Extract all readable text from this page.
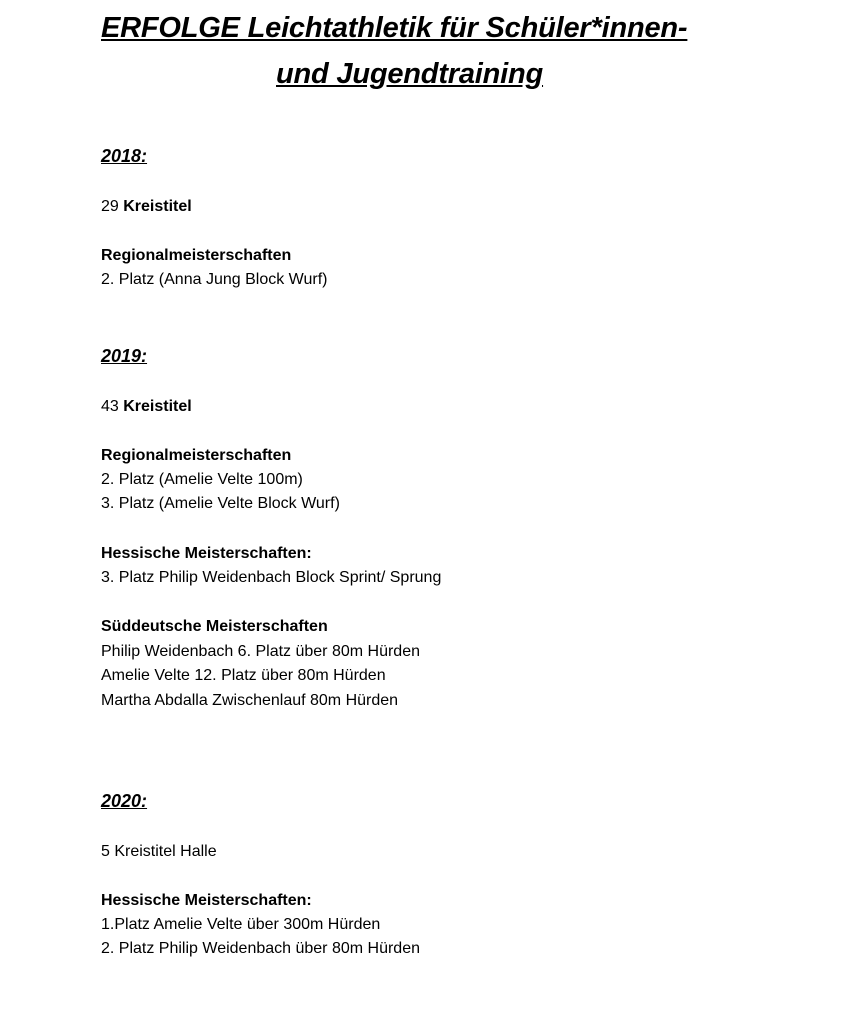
ERFOLGE Leichtathletik für Schüler*innen-
und Jugendtraining
2018:
29 Kreistitel
Regionalmeisterschaften
2. Platz (Anna Jung Block Wurf)
2019:
43 Kreistitel
Regionalmeisterschaften
2. Platz (Amelie Velte 100m)
3. Platz (Amelie Velte Block Wurf)
Hessische Meisterschaften:
3. Platz Philip Weidenbach Block Sprint/ Sprung
Süddeutsche Meisterschaften
Philip Weidenbach 6. Platz über 80m Hürden
Amelie Velte 12. Platz über 80m Hürden
Martha Abdalla Zwischenlauf 80m Hürden
2020:
5 Kreistitel Halle
Hessische Meisterschaften:
1.Platz Amelie Velte über 300m Hürden
2. Platz Philip Weidenbach über 80m Hürden
